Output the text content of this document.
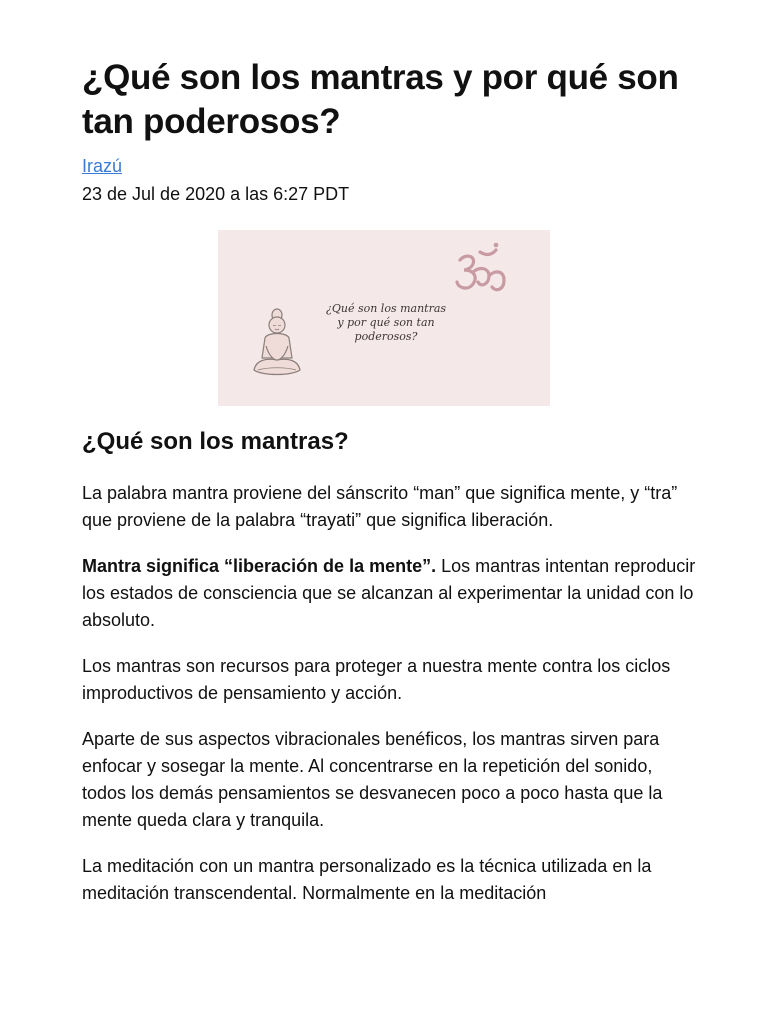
¿Qué son los mantras y por qué son tan poderosos?
Irazú
23 de Jul de 2020 a las 6:27 PDT
¿Qué son los mantras
y por qué son tan poderosos?
¿Qué son los mantras?

La palabra mantra proviene del sánscrito “man” que significa mente, y “tra” que proviene de la palabra “trayati” que significa liberación.

Mantra significa “liberación de la mente”. Los mantras intentan reproducir los estados de consciencia que se alcanzan al experimentar la unidad con lo absoluto.

Los mantras son recursos para proteger a nuestra mente contra los ciclos improductivos de pensamiento y acción.

Aparte de sus aspectos vibracionales benéficos, los mantras sirven para enfocar y sosegar la mente. Al concentrarse en la repetición del sonido, todos los demás pensamientos se desvanecen poco a poco hasta que la mente queda clara y tranquila.

La meditación con un mantra personalizado es la técnica utilizada en la meditación transcendental. Normalmente en la meditación
